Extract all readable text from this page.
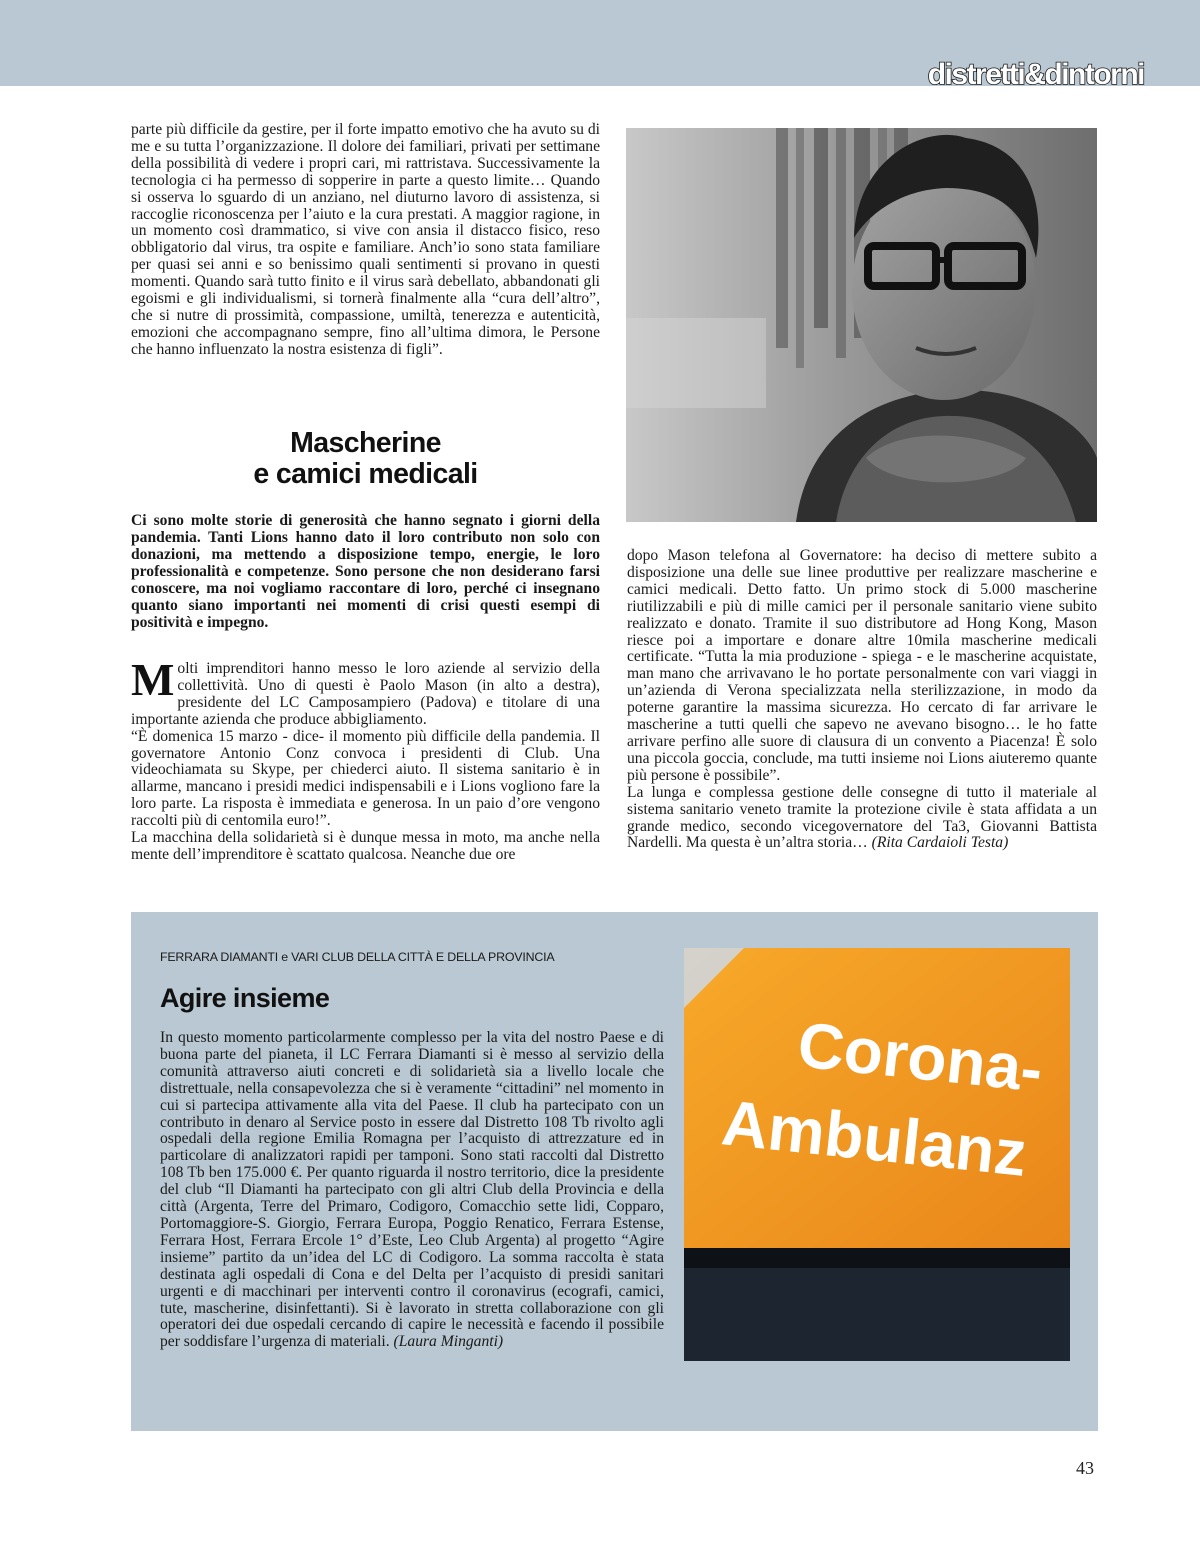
distretti&dintorni

parte più difficile da gestire, per il forte impatto emotivo che ha avuto su di me e su tutta l’organizzazione. Il dolore dei familiari, privati per settimane della possibilità di vedere i propri cari, mi rattristava. Successivamente la tecnologia ci ha permesso di sopperire in parte a questo limite… Quando si osserva lo sguardo di un anziano, nel diuturno lavoro di assistenza, si raccoglie riconoscenza per l’aiuto e la cura prestati. A maggior ragione, in un momento così drammatico, si vive con ansia il distacco fisico, reso obbligatorio dal virus, tra ospite e familiare. Anch’io sono stata familiare per quasi sei anni e so benissimo quali sentimenti si provano in questi momenti. Quando sarà tutto finito e il virus sarà debellato, abbandonati gli egoismi e gli individualismi, si tornerà finalmente alla “cura dell’altro”, che si nutre di prossimità, compassione, umiltà, tenerezza e autenticità, emozioni che accompagnano sempre, fino all’ultima dimora, le Persone che hanno influenzato la nostra esistenza di figli”.

Mascherine
e camici medicali
Ci sono molte storie di generosità che hanno segnato i giorni della pandemia. Tanti Lions hanno dato il loro contributo non solo con donazioni, ma mettendo a disposizione tempo, energie, le loro professionalità e competenze. Sono persone che non desiderano farsi conoscere, ma noi vogliamo raccontare di loro, perché ci insegnano quanto siano importanti nei momenti di crisi questi esempi di positività e impegno.

Molti imprenditori hanno messo le loro aziende al servizio della collettività. Uno di questi è Paolo Mason (in alto a destra), presidente del LC Camposampiero (Padova) e titolare di una importante azienda che produce abbigliamento.

“È domenica 15 marzo - dice- il momento più difficile della pandemia. Il governatore Antonio Conz convoca i presidenti di Club. Una videochiamata su Skype, per chiederci aiuto. Il sistema sanitario è in allarme, mancano i presidi medici indispensabili e i Lions vogliono fare la loro parte. La risposta è immediata e generosa. In un paio d’ore vengono raccolti più di centomila euro!”.

La macchina della solidarietà si è dunque messa in moto, ma anche nella mente dell’imprenditore è scattato qualcosa. Neanche due ore

dopo Mason telefona al Governatore: ha deciso di mettere subito a disposizione una delle sue linee produttive per realizzare mascherine e camici medicali. Detto fatto. Un primo stock di 5.000 mascherine riutilizzabili e più di mille camici per il personale sanitario viene subito realizzato e donato. Tramite il suo distributore ad Hong Kong, Mason riesce poi a importare e donare altre 10mila mascherine medicali certificate. “Tutta la mia produzione - spiega - e le mascherine acquistate, man mano che arrivavano le ho portate personalmente con vari viaggi in un’azienda di Verona specializzata nella sterilizzazione, in modo da poterne garantire la massima sicurezza. Ho cercato di far arrivare le mascherine a tutti quelli che sapevo ne avevano bisogno… le ho fatte arrivare perfino alle suore di clausura di un convento a Piacenza! È solo una piccola goccia, conclude, ma tutti insieme noi Lions aiuteremo quante più persone è possibile”.

La lunga e complessa gestione delle consegne di tutto il materiale al sistema sanitario veneto tramite la protezione civile è stata affidata a un grande medico, secondo vicegovernatore del Ta3, Giovanni Battista Nardelli. Ma questa è un’altra storia… (Rita Cardaioli Testa)

FERRARA DIAMANTI e VARI CLUB DELLA CITTÀ E DELLA PROVINCIA
Agire insieme

In questo momento particolarmente complesso per la vita del nostro Paese e di buona parte del pianeta, il LC Ferrara Diamanti si è messo al servizio della comunità attraverso aiuti concreti e di solidarietà sia a livello locale che distrettuale, nella consapevolezza che si è veramente “cittadini” nel momento in cui si partecipa attivamente alla vita del Paese. Il club ha partecipato con un contributo in denaro al Service posto in essere dal Distretto 108 Tb rivolto agli ospedali della regione Emilia Romagna per l’acquisto di attrezzature ed in particolare di analizzatori rapidi per tamponi. Sono stati raccolti dal Distretto 108 Tb ben 175.000 €. Per quanto riguarda il nostro territorio, dice la presidente del club “Il Diamanti ha partecipato con gli altri Club della Provincia e della città (Argenta, Terre del Primaro, Codigoro, Comacchio sette lidi, Copparo, Portomaggiore-S. Giorgio, Ferrara Europa, Poggio Renatico, Ferrara Estense, Ferrara Host, Ferrara Ercole 1° d’Este, Leo Club Argenta) al progetto “Agire insieme” partito da un’idea del LC di Codigoro. La somma raccolta è stata destinata agli ospedali di Cona e del Delta per l’acquisto di presidi sanitari urgenti e di macchinari per interventi contro il coronavirus (ecografi, camici, tute, mascherine, disinfettanti). Si è lavorato in stretta collaborazione con gli operatori dei due ospedali cercando di capire le necessità e facendo il possibile per soddisfare l’urgenza di materiali. (Laura Minganti)

Corona-
Ambulanz
43
